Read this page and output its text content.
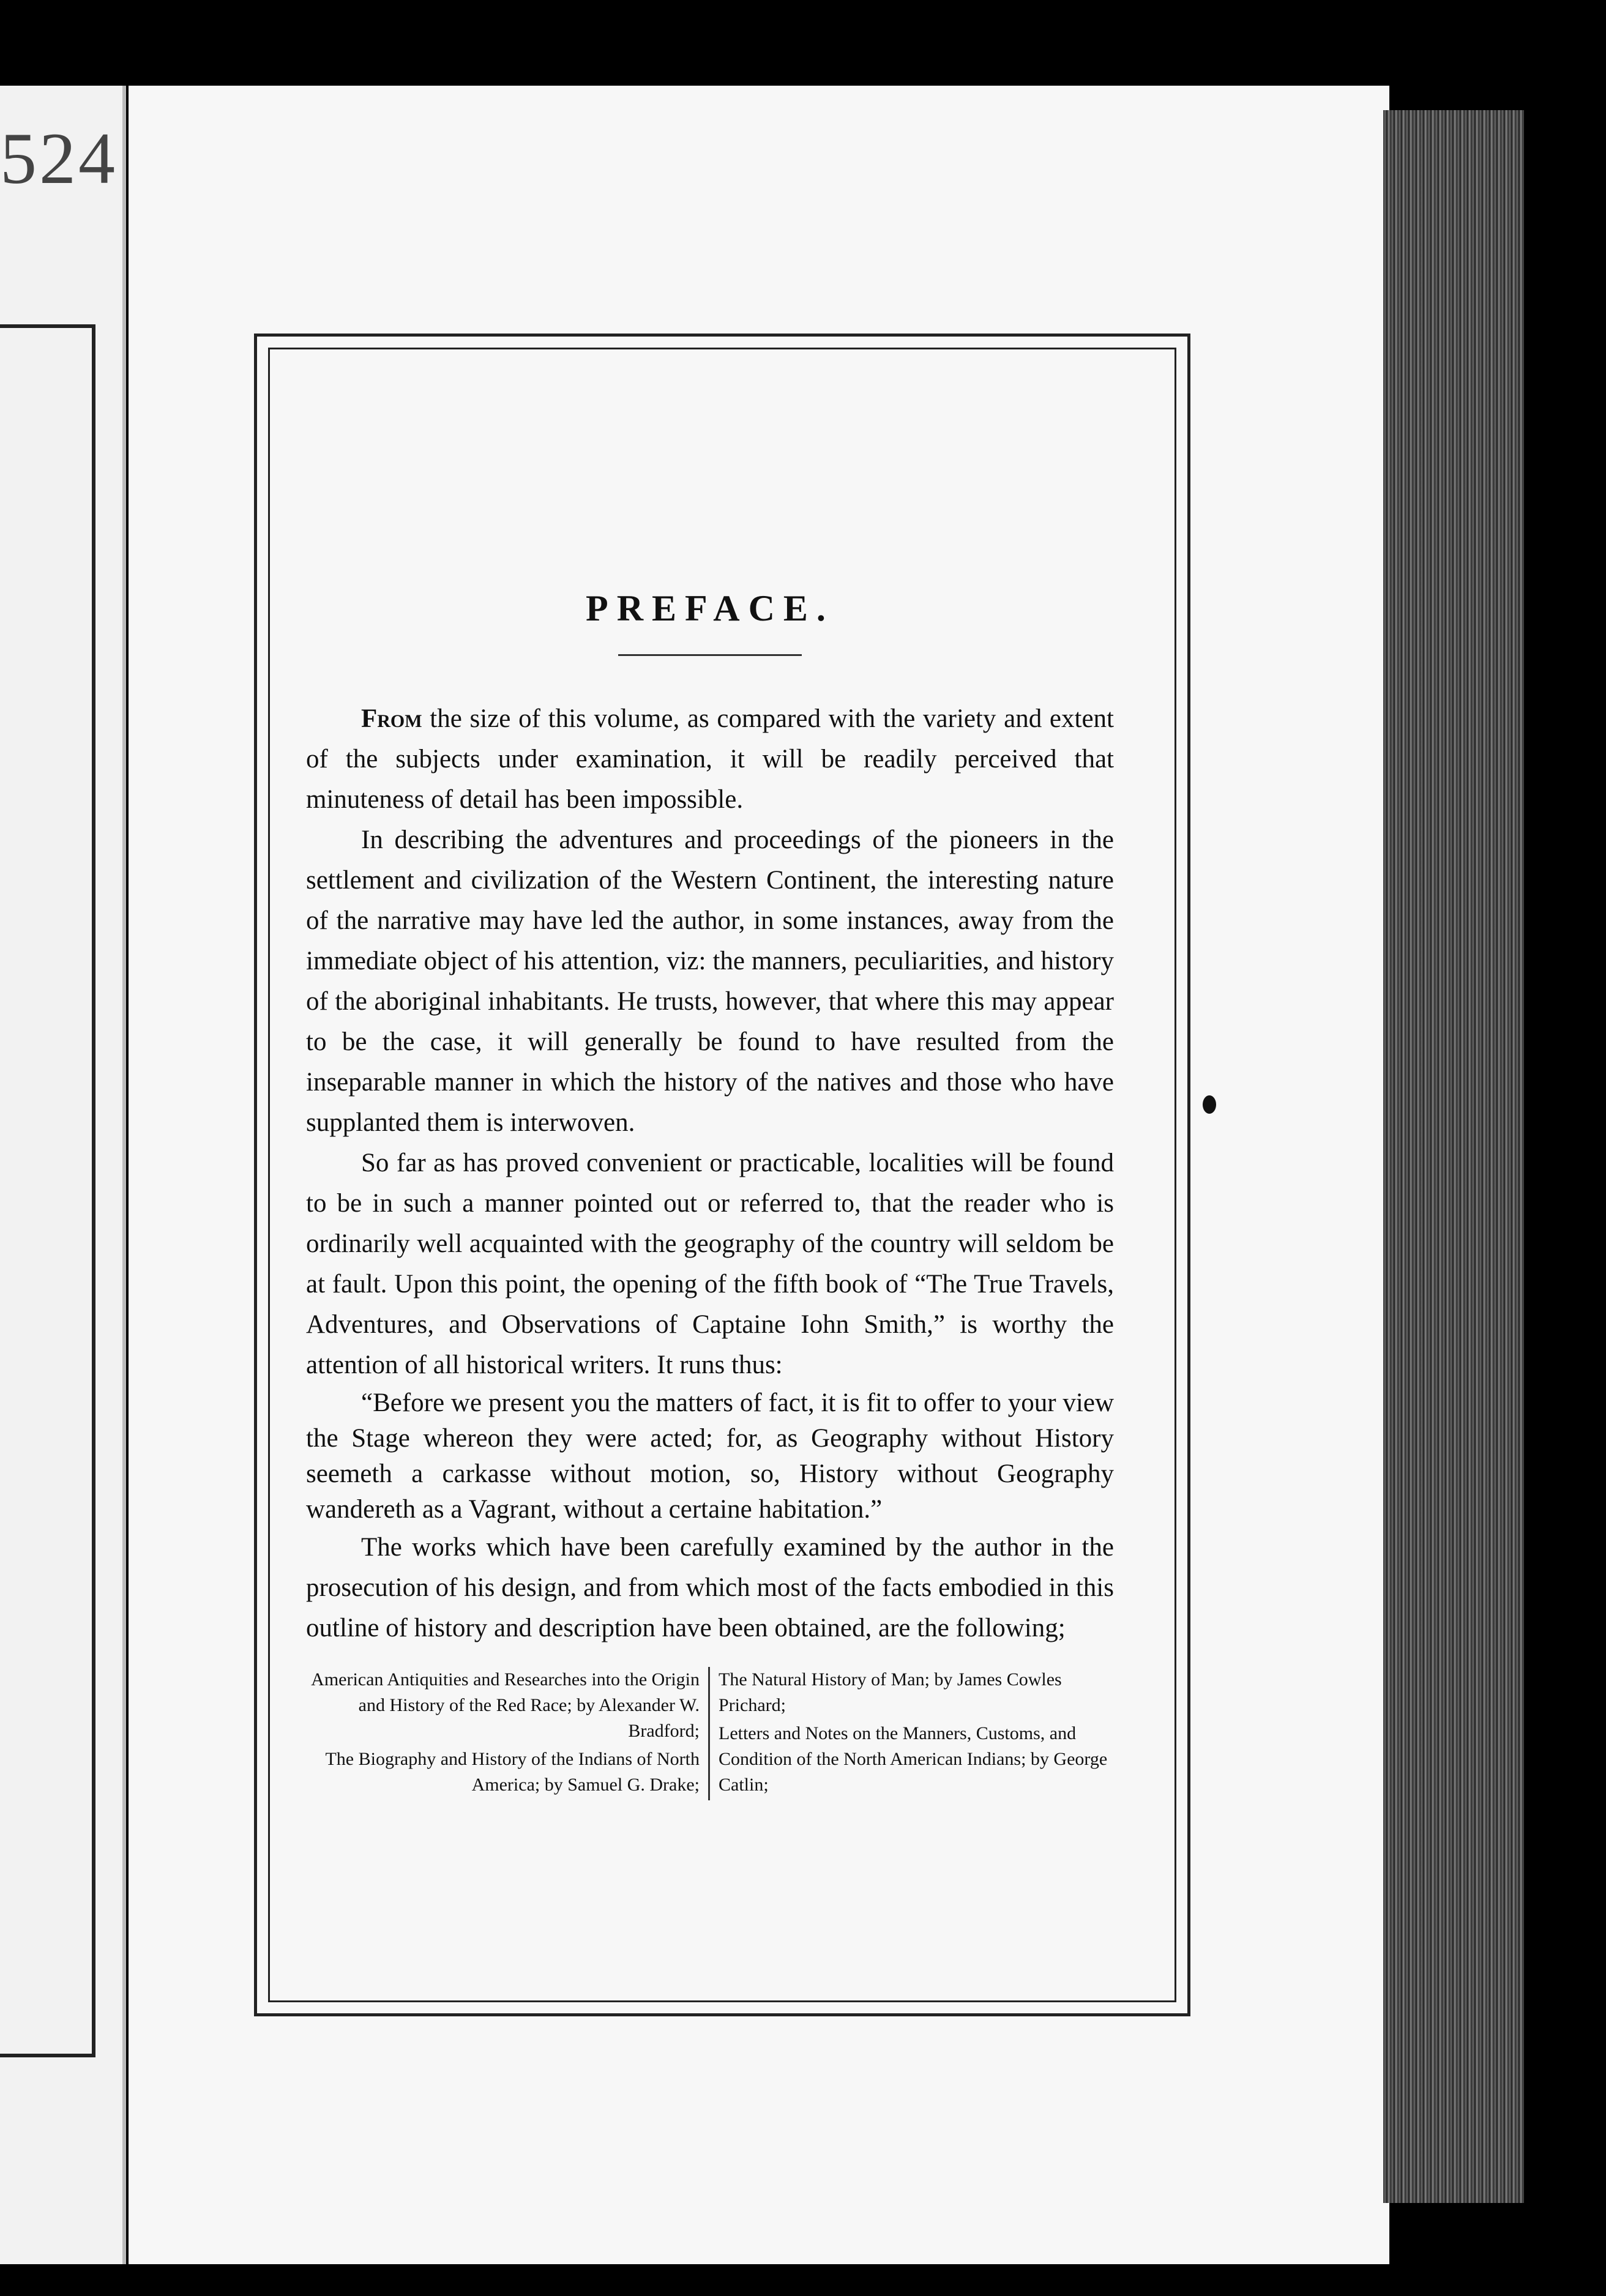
524
PREFACE.

From the size of this volume, as compared with the variety and extent of the subjects under examination, it will be readily perceived that minuteness of detail has been impossible.

In describing the adventures and proceedings of the pioneers in the settlement and civilization of the Western Continent, the interesting nature of the narrative may have led the author, in some instances, away from the immediate object of his attention, viz: the manners, peculiarities, and history of the aboriginal inhabitants. He trusts, however, that where this may appear to be the case, it will generally be found to have resulted from the inseparable manner in which the history of the natives and those who have supplanted them is interwoven.

So far as has proved convenient or practicable, localities will be found to be in such a manner pointed out or referred to, that the reader who is ordinarily well acquainted with the geography of the country will seldom be at fault. Upon this point, the opening of the fifth book of “The True Travels, Adventures, and Observations of Captaine Iohn Smith,” is worthy the attention of all historical writers. It runs thus:

“Before we present you the matters of fact, it is fit to offer to your view the Stage whereon they were acted; for, as Geography without History seemeth a carkasse without motion, so, History without Geography wandereth as a Vagrant, without a certaine habitation.”

The works which have been carefully examined by the author in the prosecution of his design, and from which most of the facts embodied in this outline of history and description have been obtained, are the following;

American Antiquities and Researches into the Origin and History of the Red Race; by Alexander W. Bradford;
The Biography and History of the Indians of North America; by Samuel G. Drake;
The Natural History of Man; by James Cowles Prichard;
Letters and Notes on the Manners, Customs, and Condition of the North American Indians; by George Catlin;
